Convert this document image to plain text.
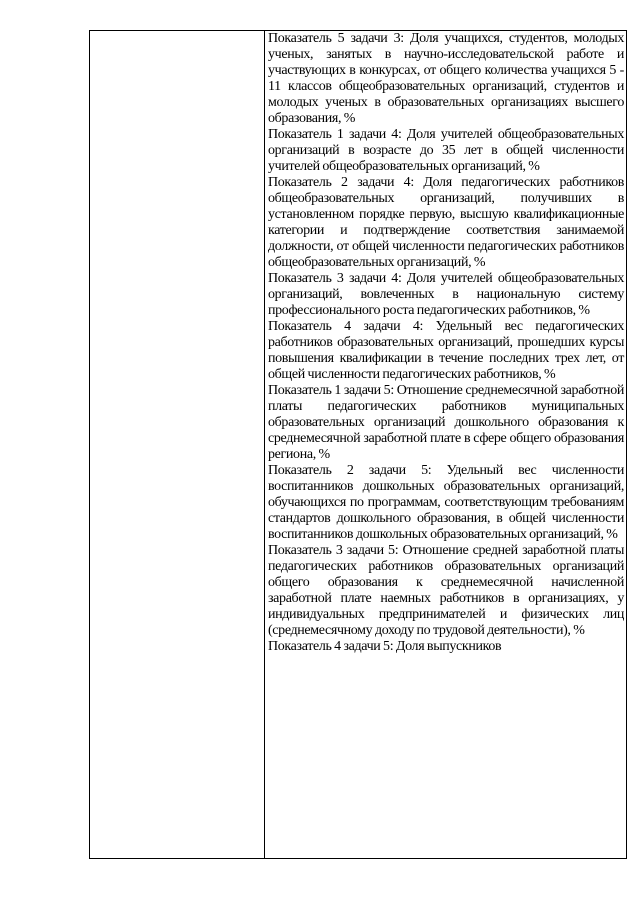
Показатель 5 задачи 3: Доля учащихся, студентов, молодых ученых, занятых в научно-исследовательской работе и участвующих в конкурсах, от общего количества учащихся 5 - 11 классов общеобразовательных организаций, студентов и молодых ученых в образовательных организациях высшего образования, %

Показатель 1 задачи 4: Доля учителей общеобразовательных организаций в возрасте до 35 лет в общей численности учителей общеобразовательных организаций, %

Показатель 2 задачи 4: Доля педагогических работников общеобразовательных организаций, получивших в установленном порядке первую, высшую квалификационные категории и подтверждение соответствия занимаемой должности, от общей численности педагогических работников общеобразовательных организаций, %

Показатель 3 задачи 4: Доля учителей общеобразовательных организаций, вовлеченных в национальную систему профессионального роста педагогических работников, %

Показатель 4 задачи 4: Удельный вес педагогических работников образовательных организаций, прошедших курсы повышения квалификации в течение последних трех лет, от общей численности педагогических работников, %

Показатель 1 задачи 5: Отношение среднемесячной заработной платы педагогических работников муниципальных образовательных организаций дошкольного образования к среднемесячной заработной плате в сфере общего образования региона, %

Показатель 2 задачи 5: Удельный вес численности воспитанников дошкольных образовательных организаций, обучающихся по программам, соответствующим требованиям стандартов дошкольного образования, в общей численности воспитанников дошкольных образовательных организаций, %

Показатель 3 задачи 5: Отношение средней заработной платы педагогических работников образовательных организаций общего образования к среднемесячной начисленной заработной плате наемных работников в организациях, у индивидуальных предпринимателей и физических лиц (среднемесячному доходу по трудовой деятельности), %

Показатель 4 задачи 5: Доля выпускников
